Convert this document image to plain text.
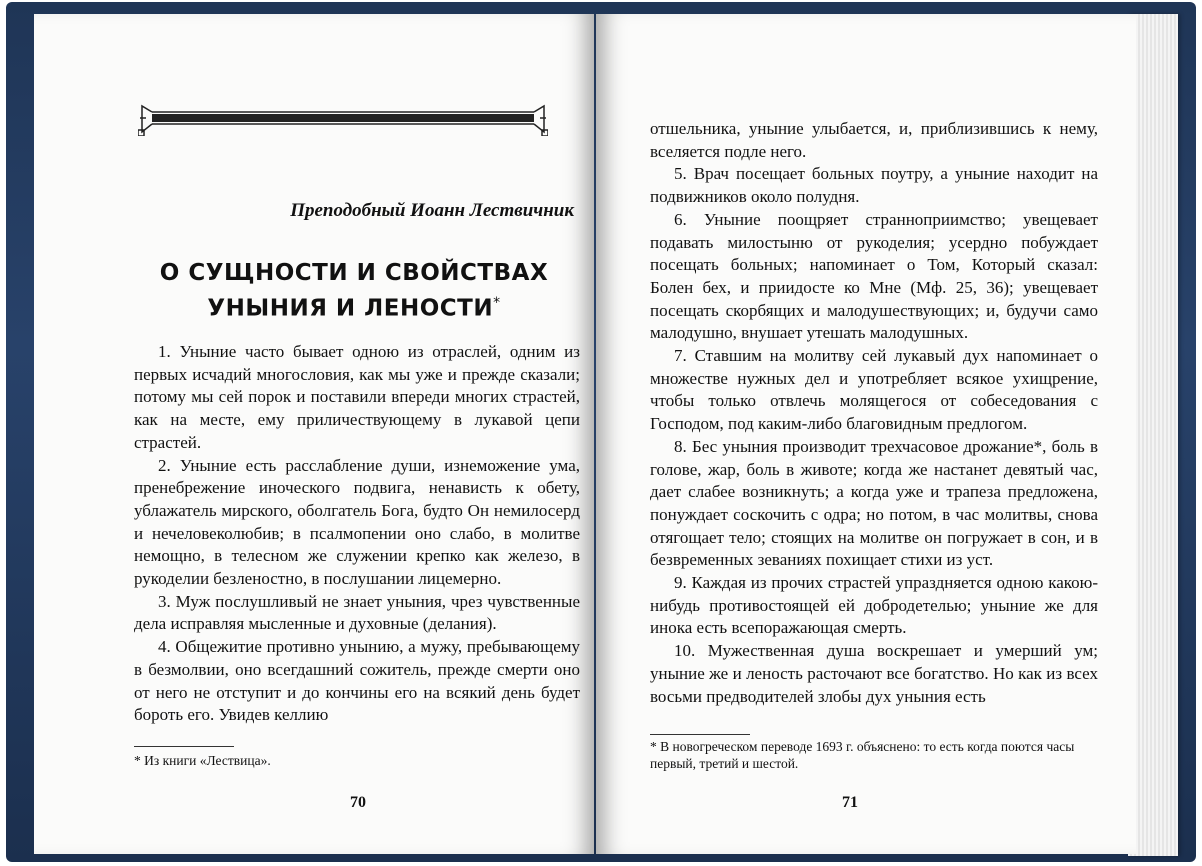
Преподобный Иоанн Лествичник
О СУЩНОСТИ И СВОЙСТВАХ
УНЫНИЯ И ЛЕНОСТИ*

1. Уныние часто бывает одною из отраслей, одним из первых исчадий многословия, как мы уже и прежде сказали; потому мы сей порок и поставили впереди многих страстей, как на месте, ему приличествующему в лукавой цепи страстей.

2. Уныние есть расслабление души, изнеможение ума, пренебрежение иноческого подвига, ненависть к обету, ублажатель мирского, оболгатель Бога, будто Он немилосерд и нечеловеколюбив; в псалмопении оно слабо, в молитве немощно, в телесном же служении крепко как железо, в рукоделии безленостно, в послушании лицемерно.

3. Муж послушливый не знает уныния, чрез чувственные дела исправляя мысленные и духовные (делания).

4. Общежитие противно унынию, а мужу, пребывающему в безмолвии, оно всегдашний сожитель, прежде смерти оно от него не отступит и до кончины его на всякий день будет бороть его. Увидев келлию

* Из книги «Лествица».
70

отшельника, уныние улыбается, и, приблизившись к нему, вселяется подле него.

5. Врач посещает больных поутру, а уныние находит на подвижников около полудня.

6. Уныние поощряет странноприимство; увещевает подавать милостыню от рукоделия; усердно побуждает посещать больных; напоминает о Том, Который сказал: Болен бех, и приидосте ко Мне (Мф. 25, 36); увещевает посещать скорбящих и малодушествующих; и, будучи само малодушно, внушает утешать малодушных.

7. Ставшим на молитву сей лукавый дух напоминает о множестве нужных дел и употребляет всякое ухищрение, чтобы только отвлечь молящегося от собеседования с Господом, под каким-либо благовидным предлогом.

8. Бес уныния производит трехчасовое дрожание*, боль в голове, жар, боль в животе; когда же настанет девятый час, дает слабее возникнуть; а когда уже и трапеза предложена, понуждает соскочить с одра; но потом, в час молитвы, снова отягощает тело; стоящих на молитве он погружает в сон, и в безвременных зеваниях похищает стихи из уст.

9. Каждая из прочих страстей упраздняется одною какою-нибудь противостоящей ей добродетелью; уныние же для инока есть всепоражающая смерть.

10. Мужественная душа воскрешает и умерший ум; уныние же и леность расточают все богатство. Но как из всех восьми предводителей злобы дух уныния есть

* В новогреческом переводе 1693 г. объяснено: то есть когда поются часы первый, третий и шестой.
71
